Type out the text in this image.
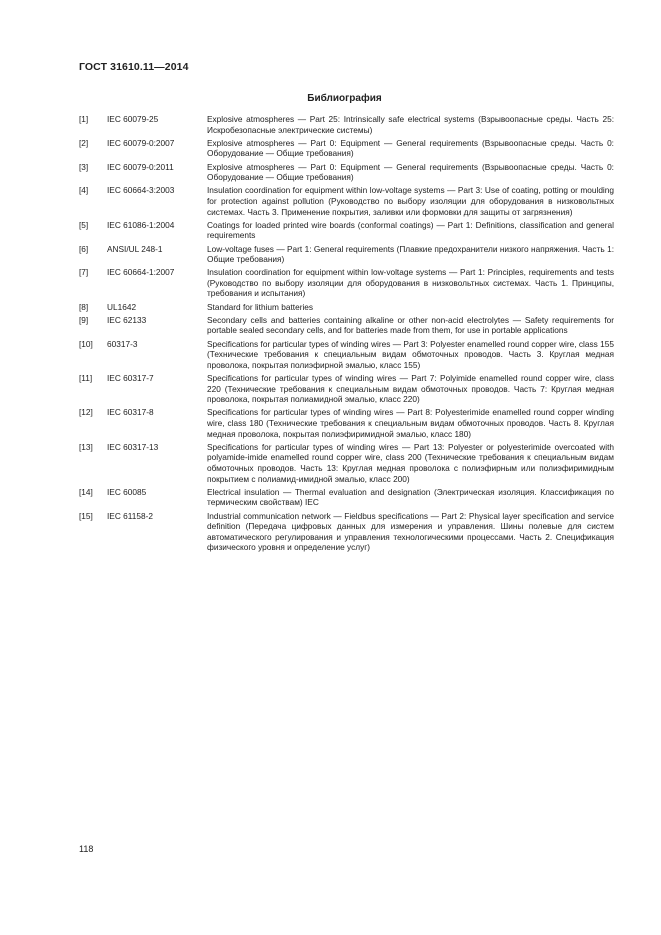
ГОСТ 31610.11—2014
Библиография
[1]	IEC 60079-25	Explosive atmospheres — Part 25: Intrinsically safe electrical systems (Взрывоопасные среды. Часть 25: Искробезопасные электрические системы)
[2]	IEC 60079-0:2007	Explosive atmospheres — Part 0: Equipment — General requirements (Взрывоопасные среды. Часть 0: Оборудование — Общие требования)
[3]	IEC 60079-0:2011	Explosive atmospheres — Part 0: Equipment — General requirements (Взрывоопасные среды. Часть 0: Оборудование — Общие требования)
[4]	IEC 60664-3:2003	Insulation coordination for equipment within low-voltage systems — Part 3: Use of coating, potting or moulding for protection against pollution (Руководство по выбору изоляции для оборудования в низковольтных системах. Часть 3. Применение покрытия, заливки или формовки для защиты от загрязнения)
[5]	IEC 61086-1:2004	Coatings for loaded printed wire boards (conformal coatings) — Part 1: Definitions, classification and general requirements
[6]	ANSI/UL 248-1	Low-voltage fuses — Part 1: General requirements (Плавкие предохранители низкого напряжения. Часть 1: Общие требования)
[7]	IEC 60664-1:2007	Insulation coordination for equipment within low-voltage systems — Part 1: Principles, requirements and tests (Руководство по выбору изоляции для оборудования в низковольтных системах. Часть 1. Принципы, требования и испытания)
[8]	UL1642	Standard for lithium batteries
[9]	IEC 62133	Secondary cells and batteries containing alkaline or other non-acid electrolytes — Safety requirements for portable sealed secondary cells, and for batteries made from them, for use in portable applications
[10]	60317-3	Specifications for particular types of winding wires — Part 3: Polyester enamelled round copper wire, class 155 (Технические требования к специальным видам обмоточных проводов. Часть 3. Круглая медная проволока, покрытая полиэфирной эмалью, класс 155)
[11]	IEC 60317-7	Specifications for particular types of winding wires — Part 7: Polyimide enamelled round copper wire, class 220 (Технические требования к специальным видам обмоточных проводов. Часть 7: Круглая медная проволока, покрытая полиамидной эмалью, класс 220)
[12]	IEC 60317-8	Specifications for particular types of winding wires — Part 8: Polyesterimide enamelled round copper winding wire, class 180 (Технические требования к специальным видам обмоточных проводов. Часть 8. Круглая медная проволока, покрытая полиэфиримидной эмалью, класс 180)
[13]	IEC 60317-13	Specifications for particular types of winding wires — Part 13: Polyester or polyesterimide overcoated with polyamide-imide enamelled round copper wire, class 200 (Технические требования к специальным видам обмоточных проводов. Часть 13: Круглая медная проволока с полиэфирным или полиэфиримидным покрытием с полиамид-имидной эмалью, класс 200)
[14]	IEC 60085	Electrical insulation — Thermal evaluation and designation (Электрическая изоляция. Классификация по термическим свойствам) IEC
[15]	IEC 61158-2	Industrial communication network — Fieldbus specifications — Part 2: Physical layer specification and service definition (Передача цифровых данных для измерения и управления. Шины полевые для систем автоматического регулирования и управления технологическими процессами. Часть 2. Спецификация физического уровня и определение услуг)
118
